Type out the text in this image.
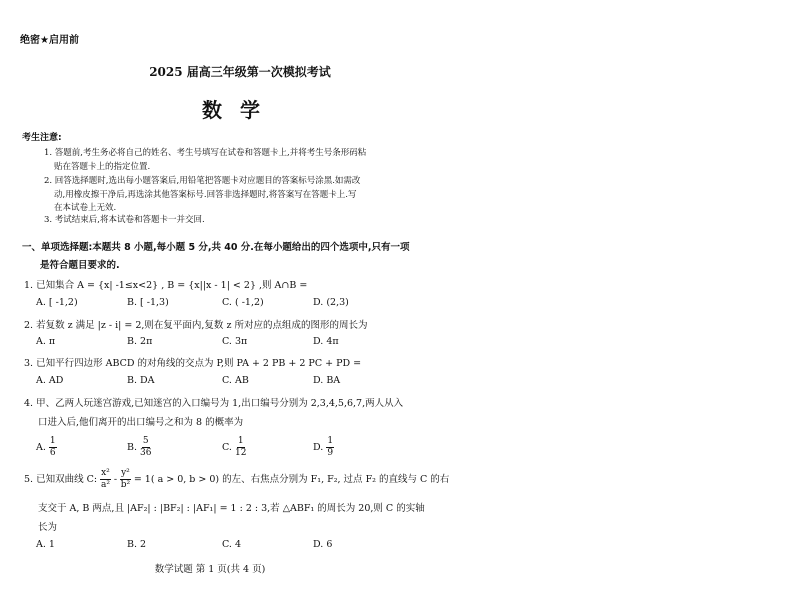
绝密★启用前
2025 届高三年级第一次模拟考试
数学
考生注意:
1. 答题前,考生务必将自己的姓名、考生号填写在试卷和答题卡上,并将考生号条形码粘
贴在答题卡上的指定位置.
2. 回答选择题时,选出每小题答案后,用铅笔把答题卡对应题目的答案标号涂黑.如需改
动,用橡皮擦干净后,再选涂其他答案标号.回答非选择题时,将答案写在答题卡上.写
在本试卷上无效.
3. 考试结束后,将本试卷和答题卡一并交回.
一、单项选择题:本题共 8 小题,每小题 5 分,共 40 分.在每小题给出的四个选项中,只有一项
是符合题目要求的.
1. 已知集合 A = {x| -1≤x<2} , B = {x||x - 1| < 2} ,则 A∩B =
A. [ -1,2)	B. [ -1,3)	C. ( -1,2)	D. (2,3)
2. 若复数 z 满足 |z - i| = 2,则在复平面内,复数 z 所对应的点组成的图形的周长为
A. π	B. 2π	C. 3π	D. 4π
3. 已知平行四边形 ABCD 的对角线的交点为 P,则 PA + 2 PB + 2 PC + PD =
A. AD	B. DA	C. AB	D. BA
4. 甲、乙两人玩迷宫游戏,已知迷宫的入口编号为 1,出口编号分别为 2,3,4,5,6,7,两人从入
口进入后,他们离开的出口编号之和为 8 的概率为
A. $\frac{1}{6}$	B. $\frac{5}{36}$	C. $\frac{1}{12}$	D. $\frac{1}{9}$
5. 已知双曲线 C: $\frac{\text{x²}}{\text{a²}} - \frac{\text{y²}}{\text{b²}} = 1$( a > 0, b > 0) 的左、右焦点分别为 F₁, F₂, 过点 F₂ 的直线与 C 的右
支交于 A, B 两点,且 |AF₂| : |BF₂| : |AF₁| = 1 : 2 : 3,若 △ABF₁ 的周长为 20,则 C 的实轴
长为
A. 1	B. 2	C. 4	D. 6
数学试题 第 1 页(共 4 页)
